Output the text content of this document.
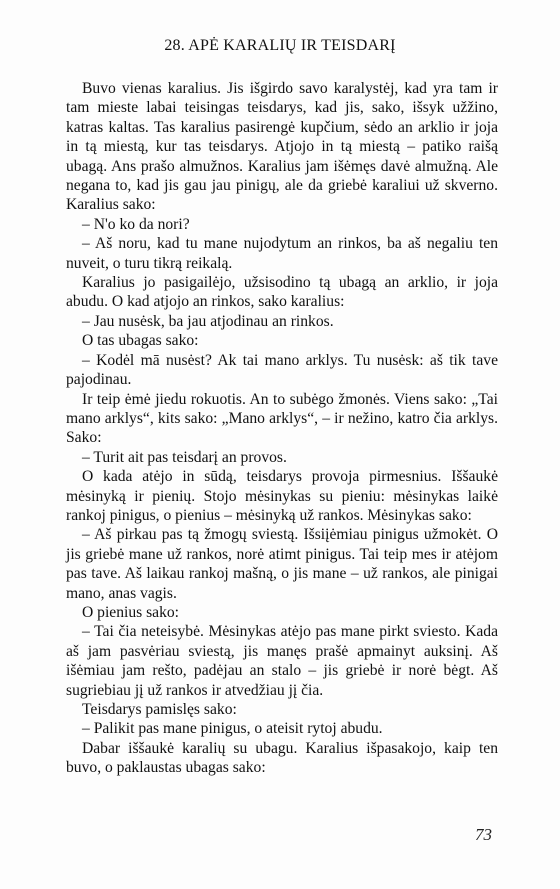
28. APĖ KARALIŲ IR TEISDARĮ

Buvo vienas karalius. Jis išgirdo savo karalystėj, kad yra tam ir tam mieste labai teisingas teisdarys, kad jis, sako, išsyk užžino, katras kaltas. Tas karalius pasirengė kupčium, sėdo an arklio ir joja in tą miestą, kur tas teisdarys. Atjojo in tą miestą – patiko raišą ubagą. Ans prašo almužnos. Karalius jam išėmęs davė almužną. Ale negana to, kad jis gau jau pinigų, ale da griebė karaliui už skverno. Karalius sako:

– N'o ko da nori?

– Aš noru, kad tu mane nujodytum an rinkos, ba aš negaliu ten nuveit, o turu tikrą reikalą.

Karalius jo pasigailėjo, užsisodino tą ubagą an arklio, ir joja abudu. O kad atjojo an rinkos, sako karalius:

– Jau nusėsk, ba jau atjodinau an rinkos.

O tas ubagas sako:

– Kodėl mā nusėst? Ak tai mano arklys. Tu nusėsk: aš tik tave pajodinau.

Ir teip ėmė jiedu rokuotis. An to subėgo žmonės. Viens sako: „Tai mano arklys“, kits sako: „Mano arklys“, – ir nežino, katro čia arklys. Sako:

– Turit ait pas teisdarį an provos.

O kada atėjo in sūdą, teisdarys provoja pirmesnius. Iššaukė mėsinyką ir pienių. Stojo mėsinykas su pieniu: mėsinykas laikė rankoj pinigus, o pienius – mėsinyką už rankos. Mėsinykas sako:

– Aš pirkau pas tą žmogų sviestą. Išsiįėmiau pinigus užmokėt. O jis griebė mane už rankos, norė atimt pinigus. Tai teip mes ir atėjom pas tave. Aš laikau rankoj mašną, o jis mane – už rankos, ale pinigai mano, anas vagis.

O pienius sako:

– Tai čia neteisybė. Mėsinykas atėjo pas mane pirkt sviesto. Kada aš jam pasvėriau sviestą, jis manęs prašė apmainyt auksinį. Aš išėmiau jam rešto, padėjau an stalo – jis griebė ir norė bėgt. Aš sugriebiau jį už rankos ir atvedžiau jį čia.

Teisdarys pamislęs sako:

– Palikit pas mane pinigus, o ateisit rytoj abudu.

Dabar iššaukė karalių su ubagu. Karalius išpasakojo, kaip ten buvo, o paklaustas ubagas sako:

73
